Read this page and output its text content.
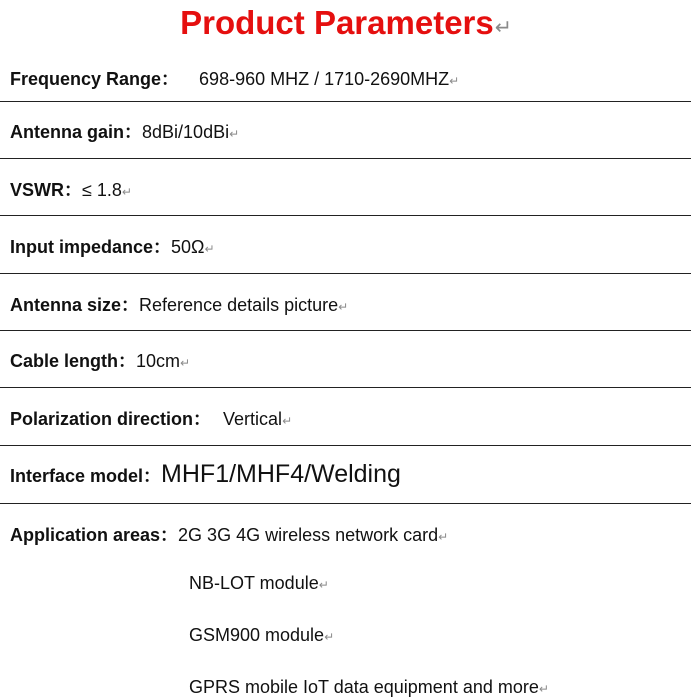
Product Parameters↵
Frequency Range： 698-960 MHZ / 1710-2690MHZ↵
Antenna gain：8dBi/10dBi↵
VSWR：≤ 1.8↵
Input impedance：50Ω↵
Antenna size：Reference details picture↵
Cable length：10cm↵
Polarization direction： Vertical↵
Interface model：MHF1/MHF4/Welding
Application areas：2G 3G 4G wireless network card↵
NB-LOT module↵
GSM900 module↵
GPRS mobile IoT data equipment and more↵
